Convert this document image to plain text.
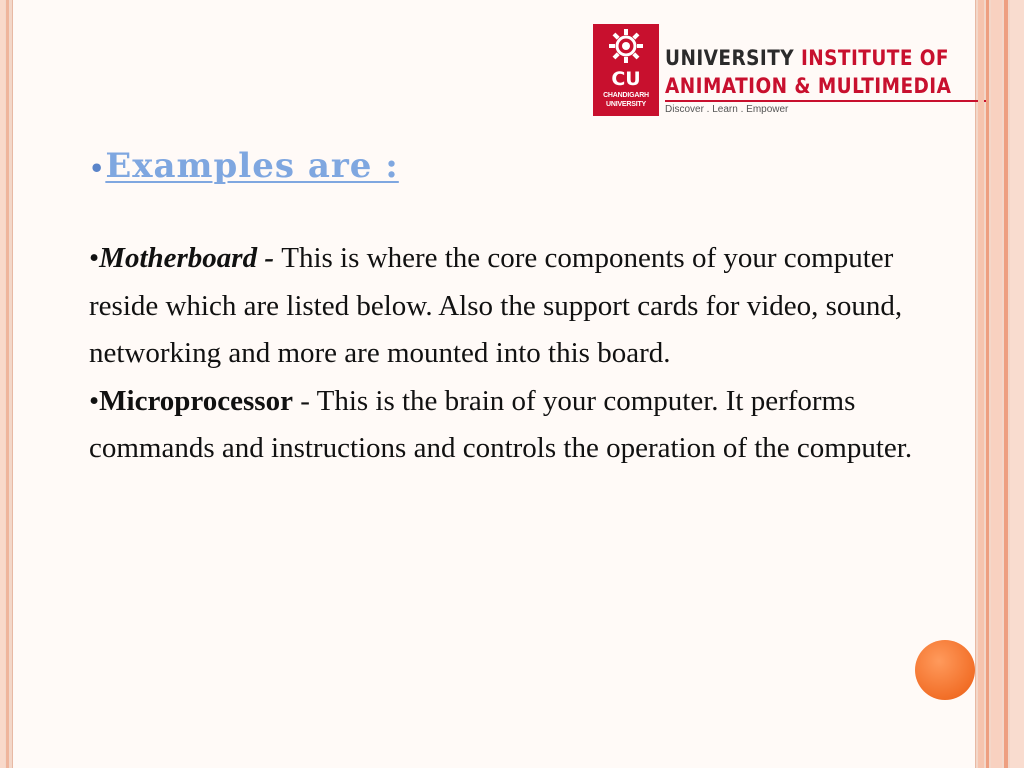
CU
CHANDIGARH
UNIVERSITY
UNIVERSITY INSTITUTE OF
ANIMATION & MULTIMEDIA
Discover . Learn . Empower
•Examples are :

•Motherboard - This is where the core components of your computer reside which are listed below. Also the support cards for video, sound, networking and more are mounted into this board.

•Microprocessor - This is the brain of your computer. It performs commands and instructions and controls the operation of the computer.
